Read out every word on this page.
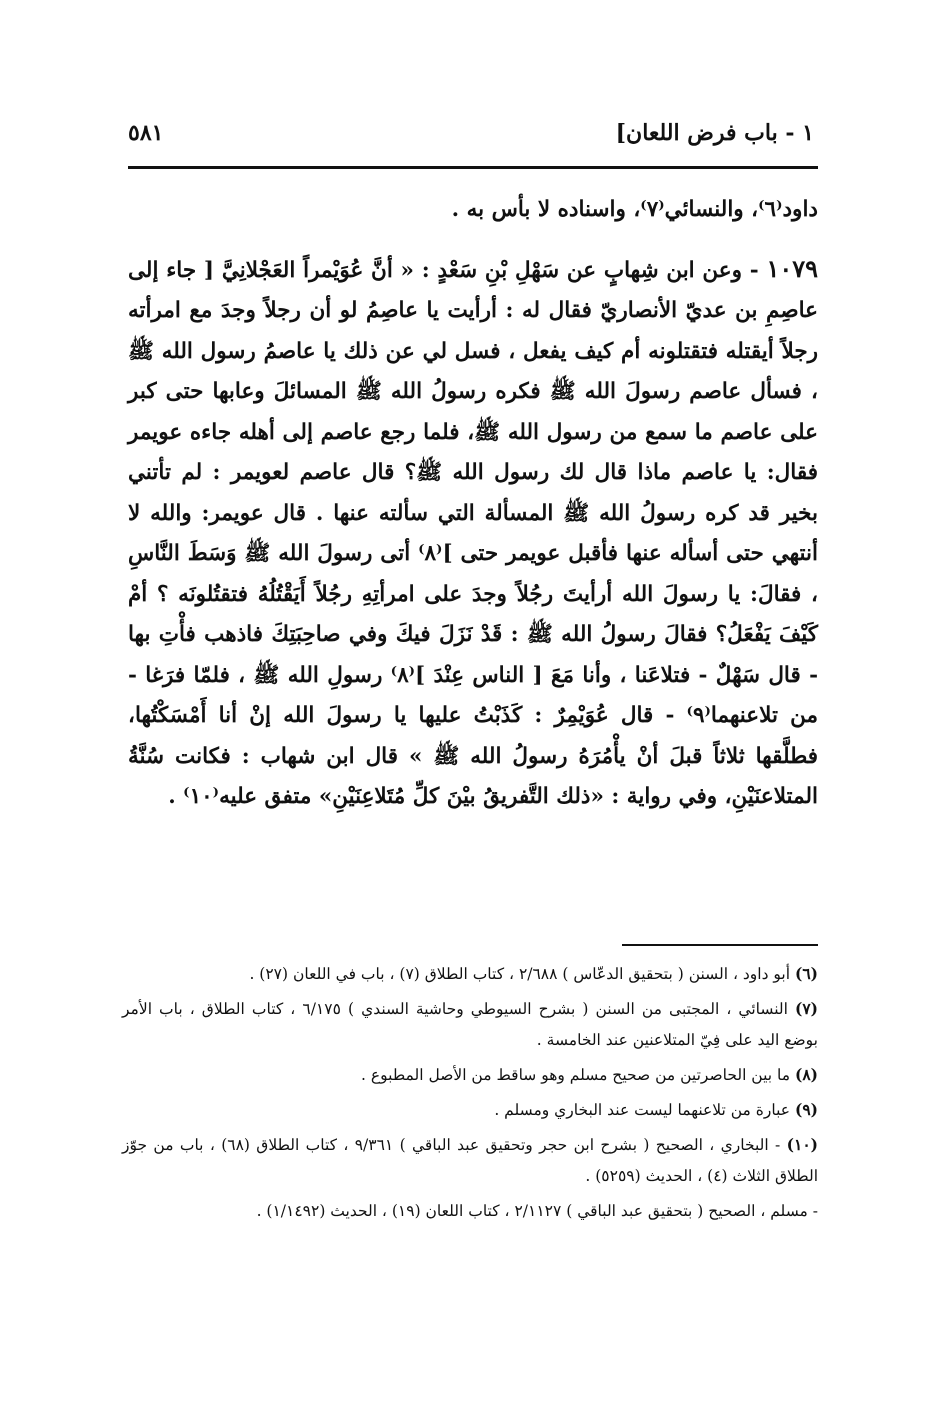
١ - باب فرض اللعان]
٥٨١

داود⁽٦⁾، والنسائي⁽٧⁾، واسناده لا بأس به .

١٠٧٩ - وعن ابن شِهابٍ عن سَهْلِ بْنِ سَعْدٍ : « أنَّ عُوَيْمراً العَجْلانِيَّ [ جاء إلى عاصِمِ بن عديّ الأنصاريّ فقال له : أرأيت يا عاصِمُ لو أن رجلاً وجدَ مع امرأته رجلاً أيقتله فتقتلونه أم كيف يفعل ، فسل لي عن ذلك يا عاصمُ رسول الله ﷺ ، فسأل عاصم رسولَ الله ﷺ فكره رسولُ الله ﷺ المسائلَ وعابها حتى كبر على عاصم ما سمع من رسول الله ﷺ، فلما رجع عاصم إلى أهله جاءه عويمر فقال: يا عاصم ماذا قال لك رسول الله ﷺ؟ قال عاصم لعويمر : لم تأتني بخير قد كره رسولُ الله ﷺ المسألة التي سألته عنها . قال عويمر: والله لا أنتهي حتى أسأله عنها فأقبل عويمر حتى ]⁽٨⁾ أتى رسولَ الله ﷺ وَسَطَ النَّاسِ ، فقالَ: يا رسولَ الله أرأيتَ رجُلاً وجدَ على امرأتِهِ رجُلاً أَيَقْتُلُهُ فتقتُلونَه ؟ أمْ كَيْفَ يَفْعَلُ؟ فقالَ رسولُ الله ﷺ : قَدْ نَزَلَ فيكَ وفي صاحِبَتِكَ فاذهب فأْتِ بها - قال سَهْلٌ - فتلاعَنا ، وأنا مَعَ [ الناس عِنْدَ ]⁽٨⁾ رسولِ الله ﷺ ، فلمّا فرَغا - من تلاعنهما⁽٩⁾ - قال عُوَيْمِرٌ : كَذَبْتُ عليها يا رسولَ الله إنْ أنا أَمْسَكْتُها، فطلَّقها ثلاثاً قبلَ أنْ يأْمُرَهُ رسولُ الله ﷺ » قال ابن شهاب : فكانت سُنَّةُ المتلاعنَيْنِ، وفي رواية : «ذلك التَّفريقُ بيْنَ كلِّ مُتَلاعِنَيْنِ» متفق عليه⁽١٠⁾ .

(٦) أبو داود ، السنن ( بتحقيق الدعّاس ) ٢/٦٨٨ ، كتاب الطلاق (٧) ، باب في اللعان (٢٧) .

(٧) النسائي ، المجتبى من السنن ( بشرح السيوطي وحاشية السندي ) ٦/١٧٥ ، كتاب الطلاق ، باب الأمر بوضع اليد على فِيّ المتلاعنين عند الخامسة .

(٨) ما بين الحاصرتين من صحيح مسلم وهو ساقط من الأصل المطبوع .

(٩) عبارة من تلاعنهما ليست عند البخاري ومسلم .

(١٠) - البخاري ، الصحيح ( بشرح ابن حجر وتحقيق عبد الباقي ) ٩/٣٦١ ، كتاب الطلاق (٦٨) ، باب من جوّز الطلاق الثلاث (٤) ، الحديث (٥٢٥٩) .

- مسلم ، الصحيح ( بتحقيق عبد الباقي ) ٢/١١٢٧ ، كتاب اللعان (١٩) ، الحديث (١/١٤٩٢) .
